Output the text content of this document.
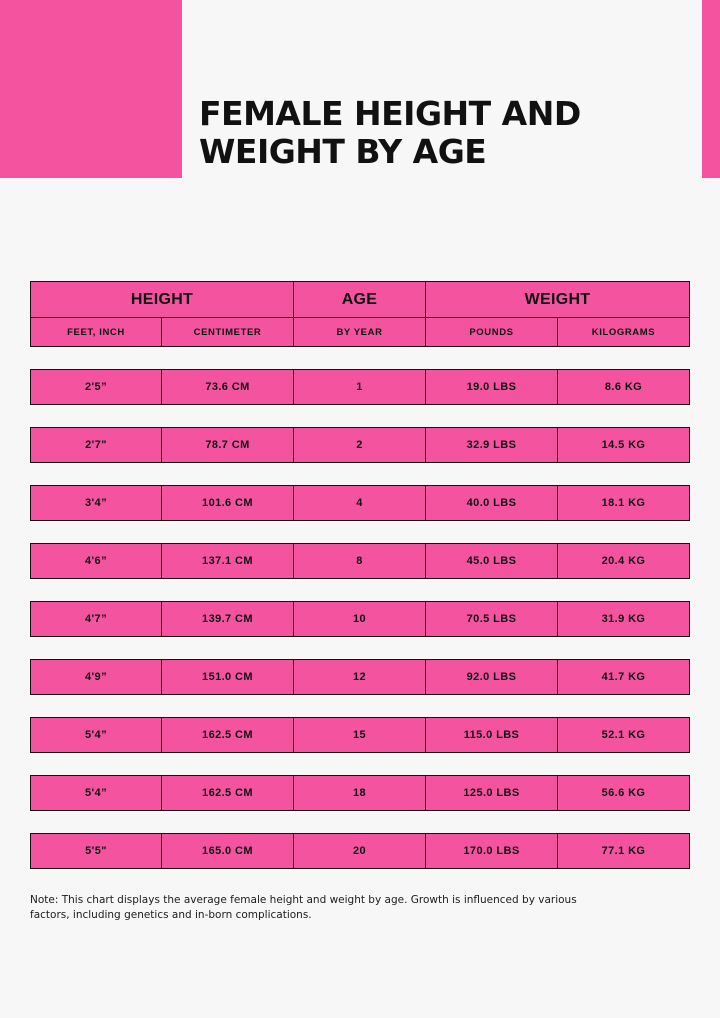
FEMALE HEIGHT AND WEIGHT BY AGE
HEIGHT	AGE	WEIGHT
FEET, INCH	CENTIMETER	BY YEAR	POUNDS	KILOGRAMS
2'5”	73.6 CM	1	19.0 LBS	8.6 KG
2'7"	78.7 CM	2	32.9 LBS	14.5 KG
3'4”	101.6 CM	4	40.0 LBS	18.1 KG
4'6”	137.1 CM	8	45.0 LBS	20.4 KG
4'7”	139.7 CM	10	70.5 LBS	31.9 KG
4'9”	151.0 CM	12	92.0 LBS	41.7 KG
5'4”	162.5 CM	15	115.0 LBS	52.1 KG
5'4”	162.5 CM	18	125.0 LBS	56.6 KG
5'5"	165.0 CM	20	170.0 LBS	77.1 KG
Note: This chart displays the average female height and weight by age. Growth is influenced by various factors, including genetics and in-born complications.
